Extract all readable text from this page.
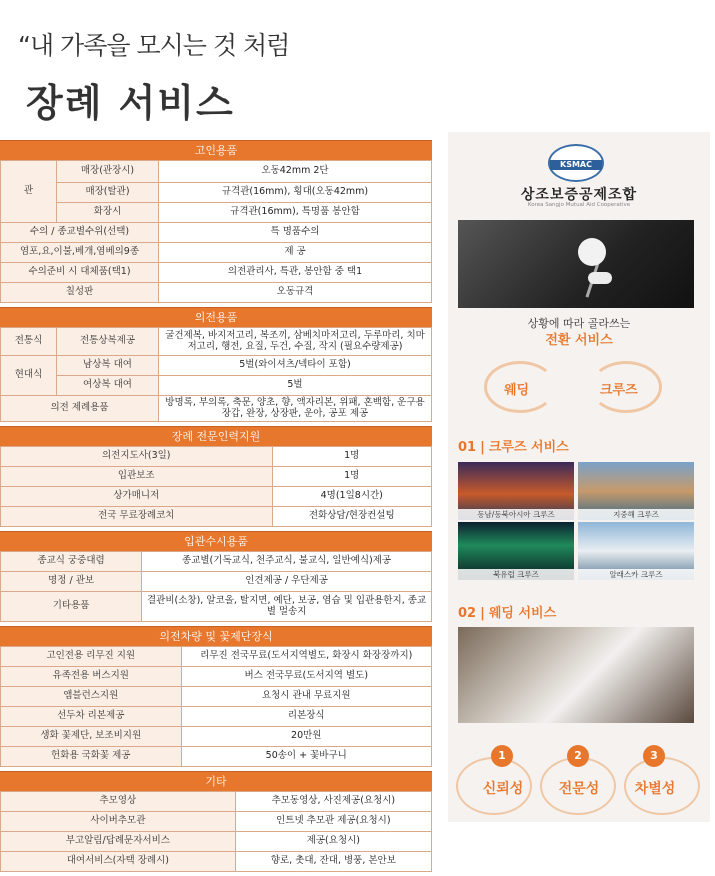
“내 가족을 모시는 것 처럼
장례 서비스
고인용품
관	매장(관장시)	오동42mm 2단
	매장(탈관)	규격관(16mm), 횡대(오동42mm)
	화장시	규격관(16mm), 특명품 봉안함
수의 / 종교별수위(선택)		특 명품수의
염포,요,이불,베개,염베의9종		제 공
수의준비 시 대체품(택1)		의전관리사, 특관, 봉안함 중 택1
칠성판		오동규격
의전용품
전통식	전통상복제공	굴건제복, 바지저고리, 복조끼, 삼베치마저고리, 두루마리, 치마저고리, 행전, 요질, 두건, 수질, 작지 (필요수량제공)
현대식	남상복 대여	5벌(와이셔츠/넥타이 포함)
	여상복 대여	5벌
의전 제례용품		방명록, 부의록, 축문, 양초, 향, 액자리본, 위패, 혼백함, 운구용장갑, 완장, 상장판, 운아, 공포 제공
장례 전문인력지원
의전지도사(3일)	1명
입관보조	1명
상가매니저	4명(1일8시간)
전국 무료장례코치	전화상담/현장컨설팅
입관수시용품
종교식 궁중대렴	종교별(기독교식, 천주교식, 불교식, 일반예식)제공
명정 / 관보	인견제공 / 우단제공
기타용품	결관비(소창), 알코올, 탈지면, 예단, 보공, 염습 및 입관용한지, 종교별 멀송지
의전차량 및 꽃제단장식
고인전용 리무진 지원	리무진 전국무료(도서지역별도, 화장시 화장장까지)
유족전용 버스지원	버스 전국무료(도서지역 별도)
앰블런스지원	요청시 관내 무료지원
선두차 리본제공	리본장식
생화 꽃제단, 보조비지원	20만원
헌화용 국화꽃 제공	50송이 + 꽃바구니
기타
추모영상	추모동영상, 사진제공(요청시)
사이버추모관	인트넷 추모관 제공(요청시)
부고알림/답례문자서비스	제공(요청시)
대여서비스(자택 장례시)	향로, 촛대, 잔대, 병풍, 본안보
KSMAC
상조보증공제조합
Korea Sangjo Mutual Aid Cooperative
상황에 따라 골라쓰는
전환 서비스
웨딩	크루즈
01 | 크루즈 서비스
동남/동북아시아 크루즈	지중해 크루즈
북유럽 크루즈	알래스카 크루즈
02 | 웨딩 서비스
1	2	3
신뢰성	전문성	차별성
